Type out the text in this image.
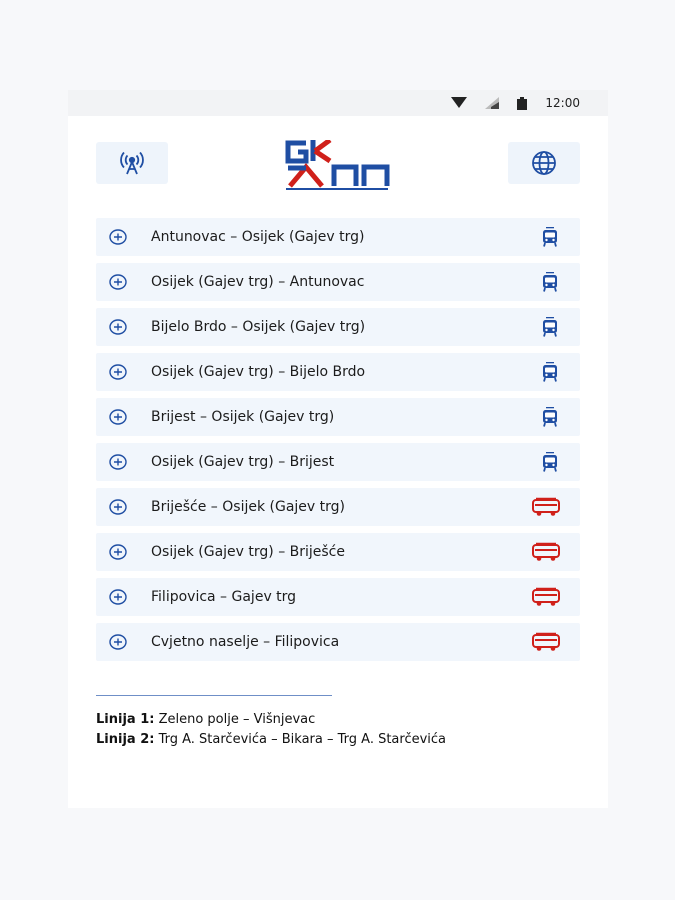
12:00
Antunovac – Osijek (Gajev trg)
Osijek (Gajev trg) – Antunovac
Bijelo Brdo – Osijek (Gajev trg)
Osijek (Gajev trg) – Bijelo Brdo
Brijest – Osijek (Gajev trg)
Osijek (Gajev trg) – Brijest
Briješće – Osijek (Gajev trg)
Osijek (Gajev trg) – Briješće
Filipovica – Gajev trg
Cvjetno naselje – Filipovica
Linija 1: Zeleno polje – Višnjevac
Linija 2: Trg A. Starčevića – Bikara – Trg A. Starčevića
